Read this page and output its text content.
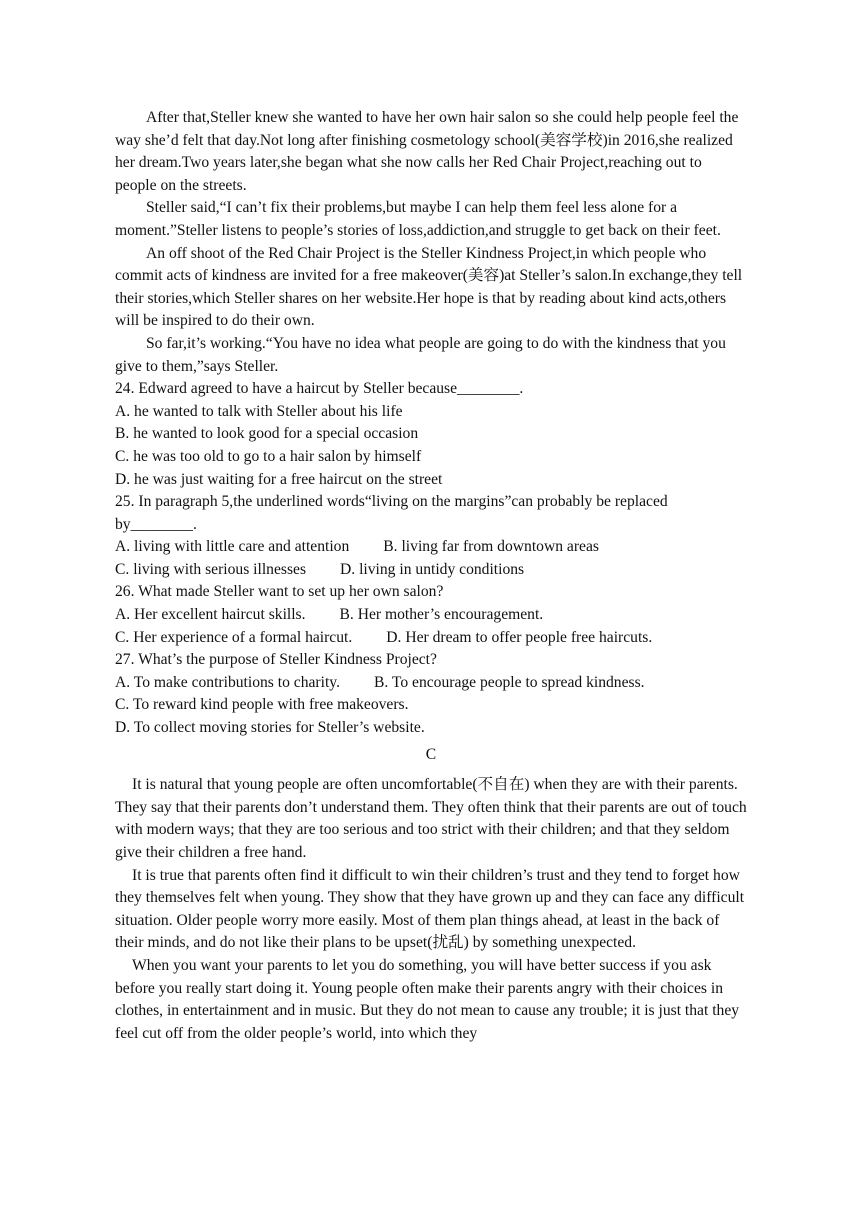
After that,Steller knew she wanted to have her own hair salon so she could help people feel the way she’d felt that day.Not long after finishing cosmetology school(美容学校)in 2016,she realized her dream.Two years later,she began what she now calls her Red Chair Project,reaching out to people on the streets.

Steller said,“I can’t fix their problems,but maybe I can help them feel less alone for a moment.”Steller listens to people’s stories of loss,addiction,and struggle to get back on their feet.

An off shoot of the Red Chair Project is the Steller Kindness Project,in which people who commit acts of kindness are invited for a free makeover(美容)at Steller’s salon.In exchange,they tell their stories,which Steller shares on her website.Her hope is that by reading about kind acts,others will be inspired to do their own.

So far,it’s working.“You have no idea what people are going to do with the kindness that you give to them,”says Steller.

24. Edward agreed to have a haircut by Steller because________.
A. he wanted to talk with Steller about his life
B. he wanted to look good for a special occasion
C. he was too old to go to a hair salon by himself
D. he was just waiting for a free haircut on the street
25. In paragraph 5,the underlined words“living on the margins”can probably be replaced by________.
A. living with little care and attention B. living far from downtown areas
C. living with serious illnesses D. living in untidy conditions
26. What made Steller want to set up her own salon?
A. Her excellent haircut skills. B. Her mother’s encouragement.
C. Her experience of a formal haircut. D. Her dream to offer people free haircuts.
27. What’s the purpose of Steller Kindness Project?
A. To make contributions to charity. B. To encourage people to spread kindness.
C. To reward kind people with free makeovers.
D. To collect moving stories for Steller’s website.
C

It is natural that young people are often uncomfortable(不自在) when they are with their parents. They say that their parents don’t understand them. They often think that their parents are out of touch with modern ways; that they are too serious and too strict with their children; and that they seldom give their children a free hand.

It is true that parents often find it difficult to win their children’s trust and they tend to forget how they themselves felt when young. They show that they have grown up and they can face any difficult situation. Older people worry more easily. Most of them plan things ahead, at least in the back of their minds, and do not like their plans to be upset(扰乱) by something unexpected.

When you want your parents to let you do something, you will have better success if you ask before you really start doing it. Young people often make their parents angry with their choices in clothes, in entertainment and in music. But they do not mean to cause any trouble; it is just that they feel cut off from the older people’s world, into which they
